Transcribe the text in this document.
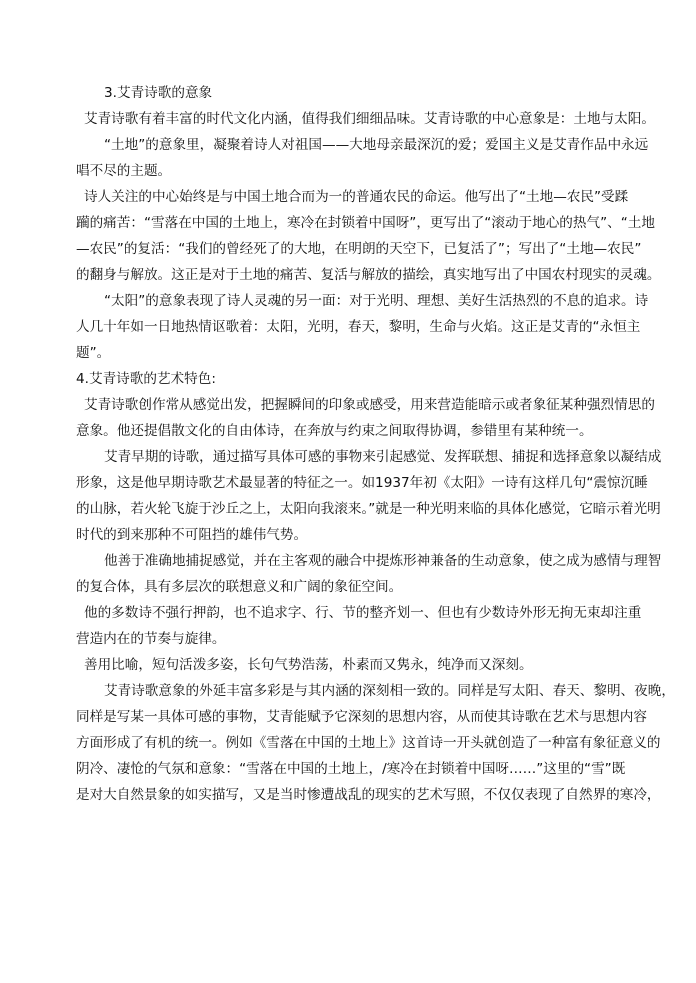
3.艾青诗歌的意象
艾青诗歌有着丰富的时代文化内涵，值得我们细细品味。艾青诗歌的中心意象是：土地与太阳。
“土地”的意象里，凝聚着诗人对祖国——大地母亲最深沉的爱；爱国主义是艾青作品中永远
唱不尽的主题。
诗人关注的中心始终是与中国土地合而为一的普通农民的命运。他写出了“土地—农民”受蹂
躏的痛苦：“雪落在中国的土地上，寒冷在封锁着中国呀”，更写出了“滚动于地心的热气”、“土地
—农民”的复活：“我们的曾经死了的大地，在明朗的天空下，已复活了”；写出了“土地—农民”
的翻身与解放。这正是对于土地的痛苦、复活与解放的描绘，真实地写出了中国农村现实的灵魂。
“太阳”的意象表现了诗人灵魂的另一面：对于光明、理想、美好生活热烈的不息的追求。诗
人几十年如一日地热情讴歌着：太阳，光明，春天，黎明，生命与火焰。这正是艾青的“永恒主
题”。
4.艾青诗歌的艺术特色:
艾青诗歌创作常从感觉出发，把握瞬间的印象或感受，用来营造能暗示或者象征某种强烈情思的
意象。他还提倡散文化的自由体诗，在奔放与约束之间取得协调，参错里有某种统一。
艾青早期的诗歌，通过描写具体可感的事物来引起感觉、发挥联想、捕捉和选择意象以凝结成
形象，这是他早期诗歌艺术最显著的特征之一。如1937年初《太阳》一诗有这样几句“震惊沉睡
的山脉，若火轮飞旋于沙丘之上，太阳向我滚来。”就是一种光明来临的具体化感觉，它暗示着光明
时代的到来那种不可阻挡的雄伟气势。
他善于准确地捕捉感觉，并在主客观的融合中提炼形神兼备的生动意象，使之成为感情与理智
的复合体，具有多层次的联想意义和广阔的象征空间。
他的多数诗不强行押韵，也不追求字、行、节的整齐划一、但也有少数诗外形无拘无束却注重
营造内在的节奏与旋律。
善用比喻，短句活泼多姿，长句气势浩荡，朴素而又隽永，纯净而又深刻。
艾青诗歌意象的外延丰富多彩是与其内涵的深刻相一致的。同样是写太阳、春天、黎明、夜晚，
同样是写某一具体可感的事物，艾青能赋予它深刻的思想内容，从而使其诗歌在艺术与思想内容
方面形成了有机的统一。例如《雪落在中国的土地上》这首诗一开头就创造了一种富有象征意义的
阴冷、凄怆的气氛和意象：“雪落在中国的土地上，/寒冷在封锁着中国呀……”这里的“雪”既
是对大自然景象的如实描写，又是当时惨遭战乱的现实的艺术写照，不仅仅表现了自然界的寒冷，
